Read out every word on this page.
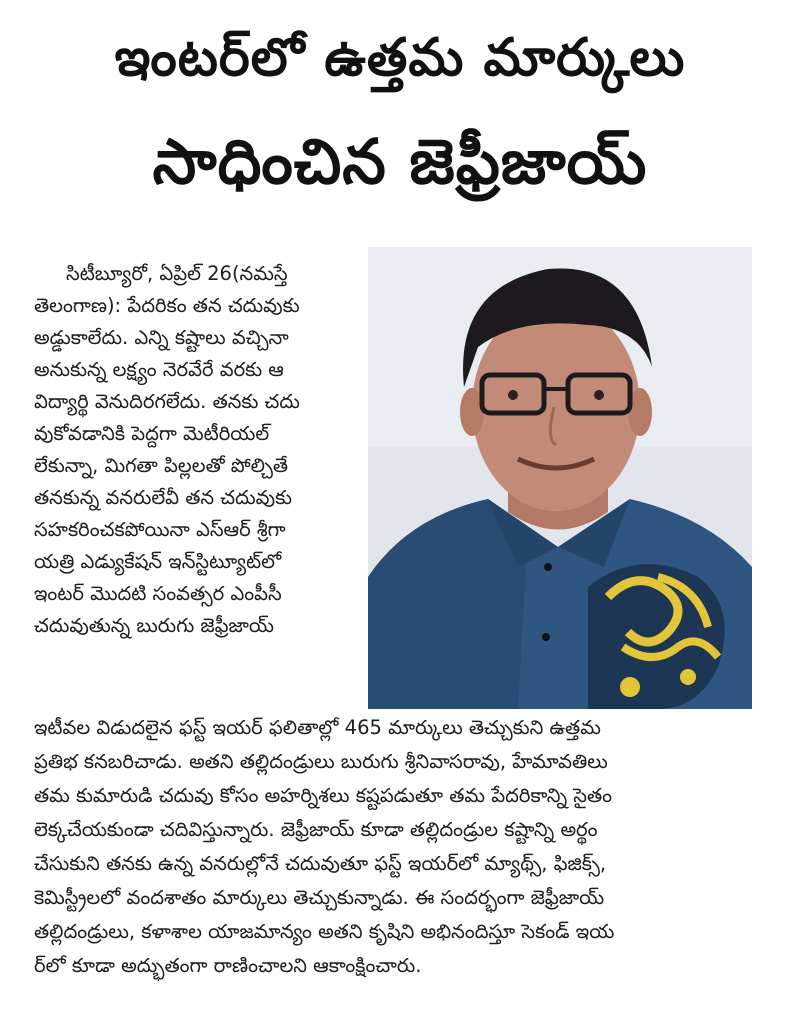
ఇంటర్‌లో ఉత్తమ మార్కులు
సాధించిన జెఫ్రీజాయ్

సిటీబ్యూరో, ఏప్రిల్ 26(నమస్తే

తెలంగాణ): పేదరికం తన చదువుకు

అడ్డుకాలేదు. ఎన్ని కష్టాలు వచ్చినా

అనుకున్న లక్ష్యం నెరవేరే వరకు ఆ

విద్యార్థి వెనుదిరగలేదు. తనకు చదు

వుకోవడానికి పెద్దగా మెటీరియల్

లేకున్నా, మిగతా పిల్లలతో పోల్చితే

తనకున్న వనరులేవీ తన చదువుకు

సహకరించకపోయినా ఎస్ఆర్ శ్రీగా

యత్రి ఎడ్యుకేషన్ ఇన్‌స్టిట్యూట్‌లో

ఇంటర్ మొదటి సంవత్సర ఎంపీసీ

చదువుతున్న బురుగు జెఫ్రీజాయ్

ఇటీవల విడుదలైన ఫస్ట్ ఇయర్ ఫలితాల్లో 465 మార్కులు తెచ్చుకుని ఉత్తమ

ప్రతిభ కనబరిచాడు. అతని తల్లిదండ్రులు బురుగు శ్రీనివాసరావు, హేమావతిలు

తమ కుమారుడి చదువు కోసం అహర్నిశలు కష్టపడుతూ తమ పేదరికాన్ని సైతం

లెక్కచేయకుండా చదివిస్తున్నారు. జెఫ్రీజాయ్ కూడా తల్లిదండ్రుల కష్టాన్ని అర్థం

చేసుకుని తనకు ఉన్న వనరుల్లోనే చదువుతూ ఫస్ట్ ఇయర్‌లో మ్యాథ్స్, ఫిజిక్స్,

కెమిస్ట్రీలలో వందశాతం మార్కులు తెచ్చుకున్నాడు. ఈ సందర్భంగా జెఫ్రీజాయ్

తల్లిదండ్రులు, కళాశాల యాజమాన్యం అతని కృషిని అభినందిస్తూ సెకండ్ ఇయ

ర్‌లో కూడా అద్భుతంగా రాణించాలని ఆకాంక్షించారు.
